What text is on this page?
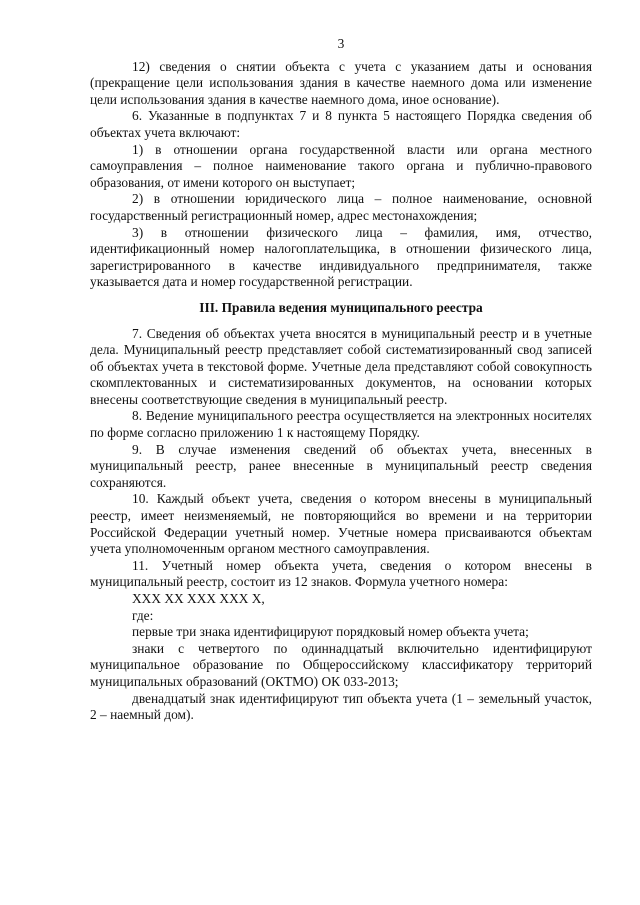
3

12) сведения о снятии объекта с учета с указанием даты и основания (прекращение цели использования здания в качестве наемного дома или изменение цели использования здания в качестве наемного дома, иное основание).

6. Указанные в подпунктах 7 и 8 пункта 5 настоящего Порядка сведения об объектах учета включают:

1) в отношении органа государственной власти или органа местного самоуправления – полное наименование такого органа и публично-правового образования, от имени которого он выступает;

2) в отношении юридического лица – полное наименование, основной государственный регистрационный номер, адрес местонахождения;

3) в отношении физического лица – фамилия, имя, отчество, идентификационный номер налогоплательщика, в отношении физического лица, зарегистрированного в качестве индивидуального предпринимателя, также указывается дата и номер государственной регистрации.

III. Правила ведения муниципального реестра

7. Сведения об объектах учета вносятся в муниципальный реестр и в учетные дела. Муниципальный реестр представляет собой систематизированный свод записей об объектах учета в текстовой форме. Учетные дела представляют собой совокупность скомплектованных и систематизированных документов, на основании которых внесены соответствующие сведения в муниципальный реестр.

8. Ведение муниципального реестра осуществляется на электронных носителях по форме согласно приложению 1 к настоящему Порядку.

9. В случае изменения сведений об объектах учета, внесенных в муниципальный реестр, ранее внесенные в муниципальный реестр сведения сохраняются.

10. Каждый объект учета, сведения о котором внесены в муниципальный реестр, имеет неизменяемый, не повторяющийся во времени и на территории Российской Федерации учетный номер. Учетные номера присваиваются объектам учета уполномоченным органом местного самоуправления.

11. Учетный номер объекта учета, сведения о котором внесены в муниципальный реестр, состоит из 12 знаков. Формула учетного номера:

ХХХ ХХ ХХХ ХХХ Х,

где:

первые три знака идентифицируют порядковый номер объекта учета;

знаки с четвертого по одиннадцатый включительно идентифицируют муниципальное образование по Общероссийскому классификатору территорий муниципальных образований (ОКТМО) ОК 033-2013;

двенадцатый знак идентифицируют тип объекта учета (1 – земельный участок, 2 – наемный дом).
